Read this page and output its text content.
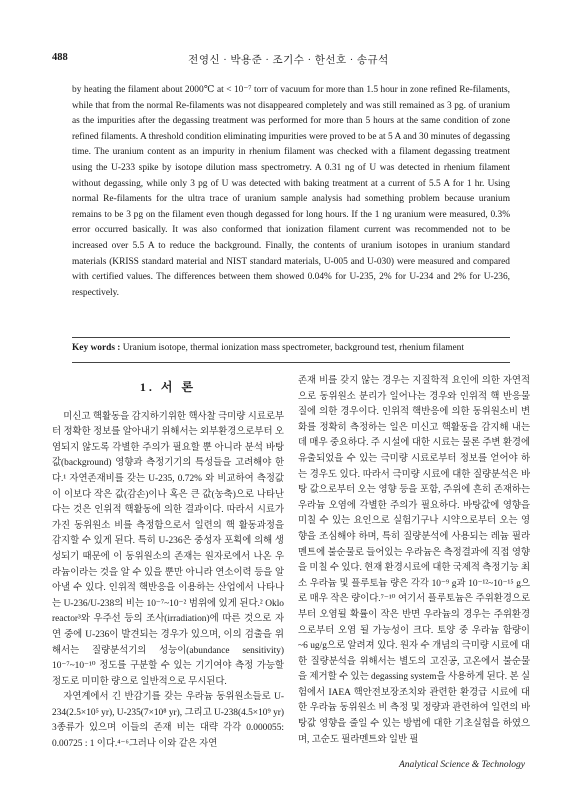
488	전영신 · 박용준 · 조기수 · 한선호 · 송규석

by heating the filament about 2000℃ at < 10⁻⁷ torr of vacuum for more than 1.5 hour in zone refined Re-filaments, while that from the normal Re-filaments was not disappeared completely and was still remained as 3 pg. of uranium as the impurities after the degassing treatment was performed for more than 5 hours at the same condition of zone refined filaments. A threshold condition eliminating impurities were proved to be at 5 A and 30 minutes of degassing time. The uranium content as an impurity in rhenium filament was checked with a filament degassing treatment using the U-233 spike by isotope dilution mass spectrometry. A 0.31 ng of U was detected in rhenium filament without degassing, while only 3 pg of U was detected with baking treatment at a current of 5.5 A for 1 hr. Using normal Re-filaments for the ultra trace of uranium sample analysis had something problem because uranium remains to be 3 pg on the filament even though degassed for long hours. If the 1 ng uranium were measured, 0.3% error occurred basically. It was also conformed that ionization filament current was recommended not to be increased over 5.5 A to reduce the background. Finally, the contents of uranium isotopes in uranium standard materials (KRISS standard material and NIST standard materials, U-005 and U-030) were measured and compared with certified values. The differences between them showed 0.04% for U-235, 2% for U-234 and 2% for U-236, respectively.

Key words : Uranium isotope, thermal ionization mass spectrometer, background test, rhenium filament
1. 서 론

미신고 핵활동을 감지하기위한 핵사찰 극미량 시료로부터 정확한 정보를 알아내기 위해서는 외부환경으로부터 오염되지 않도록 각별한 주의가 필요할 뿐 아니라 분석 바탕값(background) 영향과 측정기기의 특성들을 고려해야 한다.¹ 자연존재비를 갖는 U-235, 0.72% 와 비교하여 측정값이 이보다 작은 값(감손)이나 혹은 큰 값(농축)으로 나타난다는 것은 인위적 핵활동에 의한 결과이다. 따라서 시료가 가진 동위원소 비를 측정함으로서 일련의 핵 활동과정을 감지할 수 있게 된다. 특히 U-236은 중성자 포획에 의해 생성되기 때문에 이 동위원소의 존재는 원자로에서 나온 우라늄이라는 것을 알 수 있을 뿐만 아니라 연소이력 등을 알아낼 수 있다. 인위적 핵반응을 이용하는 산업에서 나타나는 U-236/U-238의 비는 10⁻⁷~10⁻² 범위에 있게 된다.² Oklo reactor³와 우주선 등의 조사(irradiation)에 따른 것으로 자연 중에 U-236이 발견되는 경우가 있으며, 이의 검출을 위해서는 질량분석기의 성능이(abundance sensitivity) 10⁻⁷~10⁻¹⁰ 정도를 구분할 수 있는 기기여야 측정 가능할 정도로 미미한 량으로 일반적으로 무시된다.

자연계에서 긴 반감기를 갖는 우라늄 동위원소들로 U-234(2.5×10⁵ yr), U-235(7×10⁸ yr), 그리고 U-238(4.5×10⁹ yr) 3종류가 있으며 이들의 존재 비는 대략 각각 0.000055: 0.00725 : 1 이다.⁴⁻⁶그러나 이와 같은 자연

존재 비를 갖지 않는 경우는 지질학적 요인에 의한 자연적으로 동위원소 분리가 일어나는 경우와 인위적 핵 반응물질에 의한 경우이다. 인위적 핵반응에 의한 동위원소비 변화를 정확히 측정하는 일은 미신고 핵활동을 감지해 내는데 매우 중요하다. 주 시설에 대한 시료는 물론 주변 환경에 유출되었을 수 있는 극미량 시료로부터 정보를 얻어야 하는 경우도 있다. 따라서 극미량 시료에 대한 질량분석은 바탕 값으로부터 오는 영향 등을 포함, 주위에 흔히 존재하는 우라늄 오염에 각별한 주의가 필요하다. 바탕값에 영향을 미칠 수 있는 요인으로 실험기구나 시약으로부터 오는 영향을 조심해야 하며, 특히 질량분석에 사용되는 레늄 필라멘트에 불순물로 들어있는 우라늄은 측정결과에 직접 영향을 미칠 수 있다. 현재 환경시료에 대한 국제적 측정기능 최소 우라늄 및 플루토늄 량은 각각 10⁻⁹ g과 10⁻¹²~10⁻¹⁵ g으로 매우 작은 량이다.⁷⁻¹⁰ 여기서 플루토늄은 주위환경으로부터 오염될 확률이 작은 반면 우라늄의 경우는 주위환경으로부터 오염 될 가능성이 크다. 토양 중 우라늄 함량이 ~6 ug/g으로 알려져 있다. 원자 수 개념의 극미량 시료에 대한 질량분석을 위해서는 별도의 고진공, 고온에서 불순물을 제거할 수 있는 degassing system을 사용하게 된다. 본 실험에서 IAEA 핵안전보장조치와 관련한 환경급 시료에 대한 우라늄 동위원소 비 측정 및 정량과 관련하여 일련의 바탕값 영향을 줄일 수 있는 방법에 대한 기초실험을 하였으며, 고순도 필라멘트와 일반 필

Analytical Science & Technology
